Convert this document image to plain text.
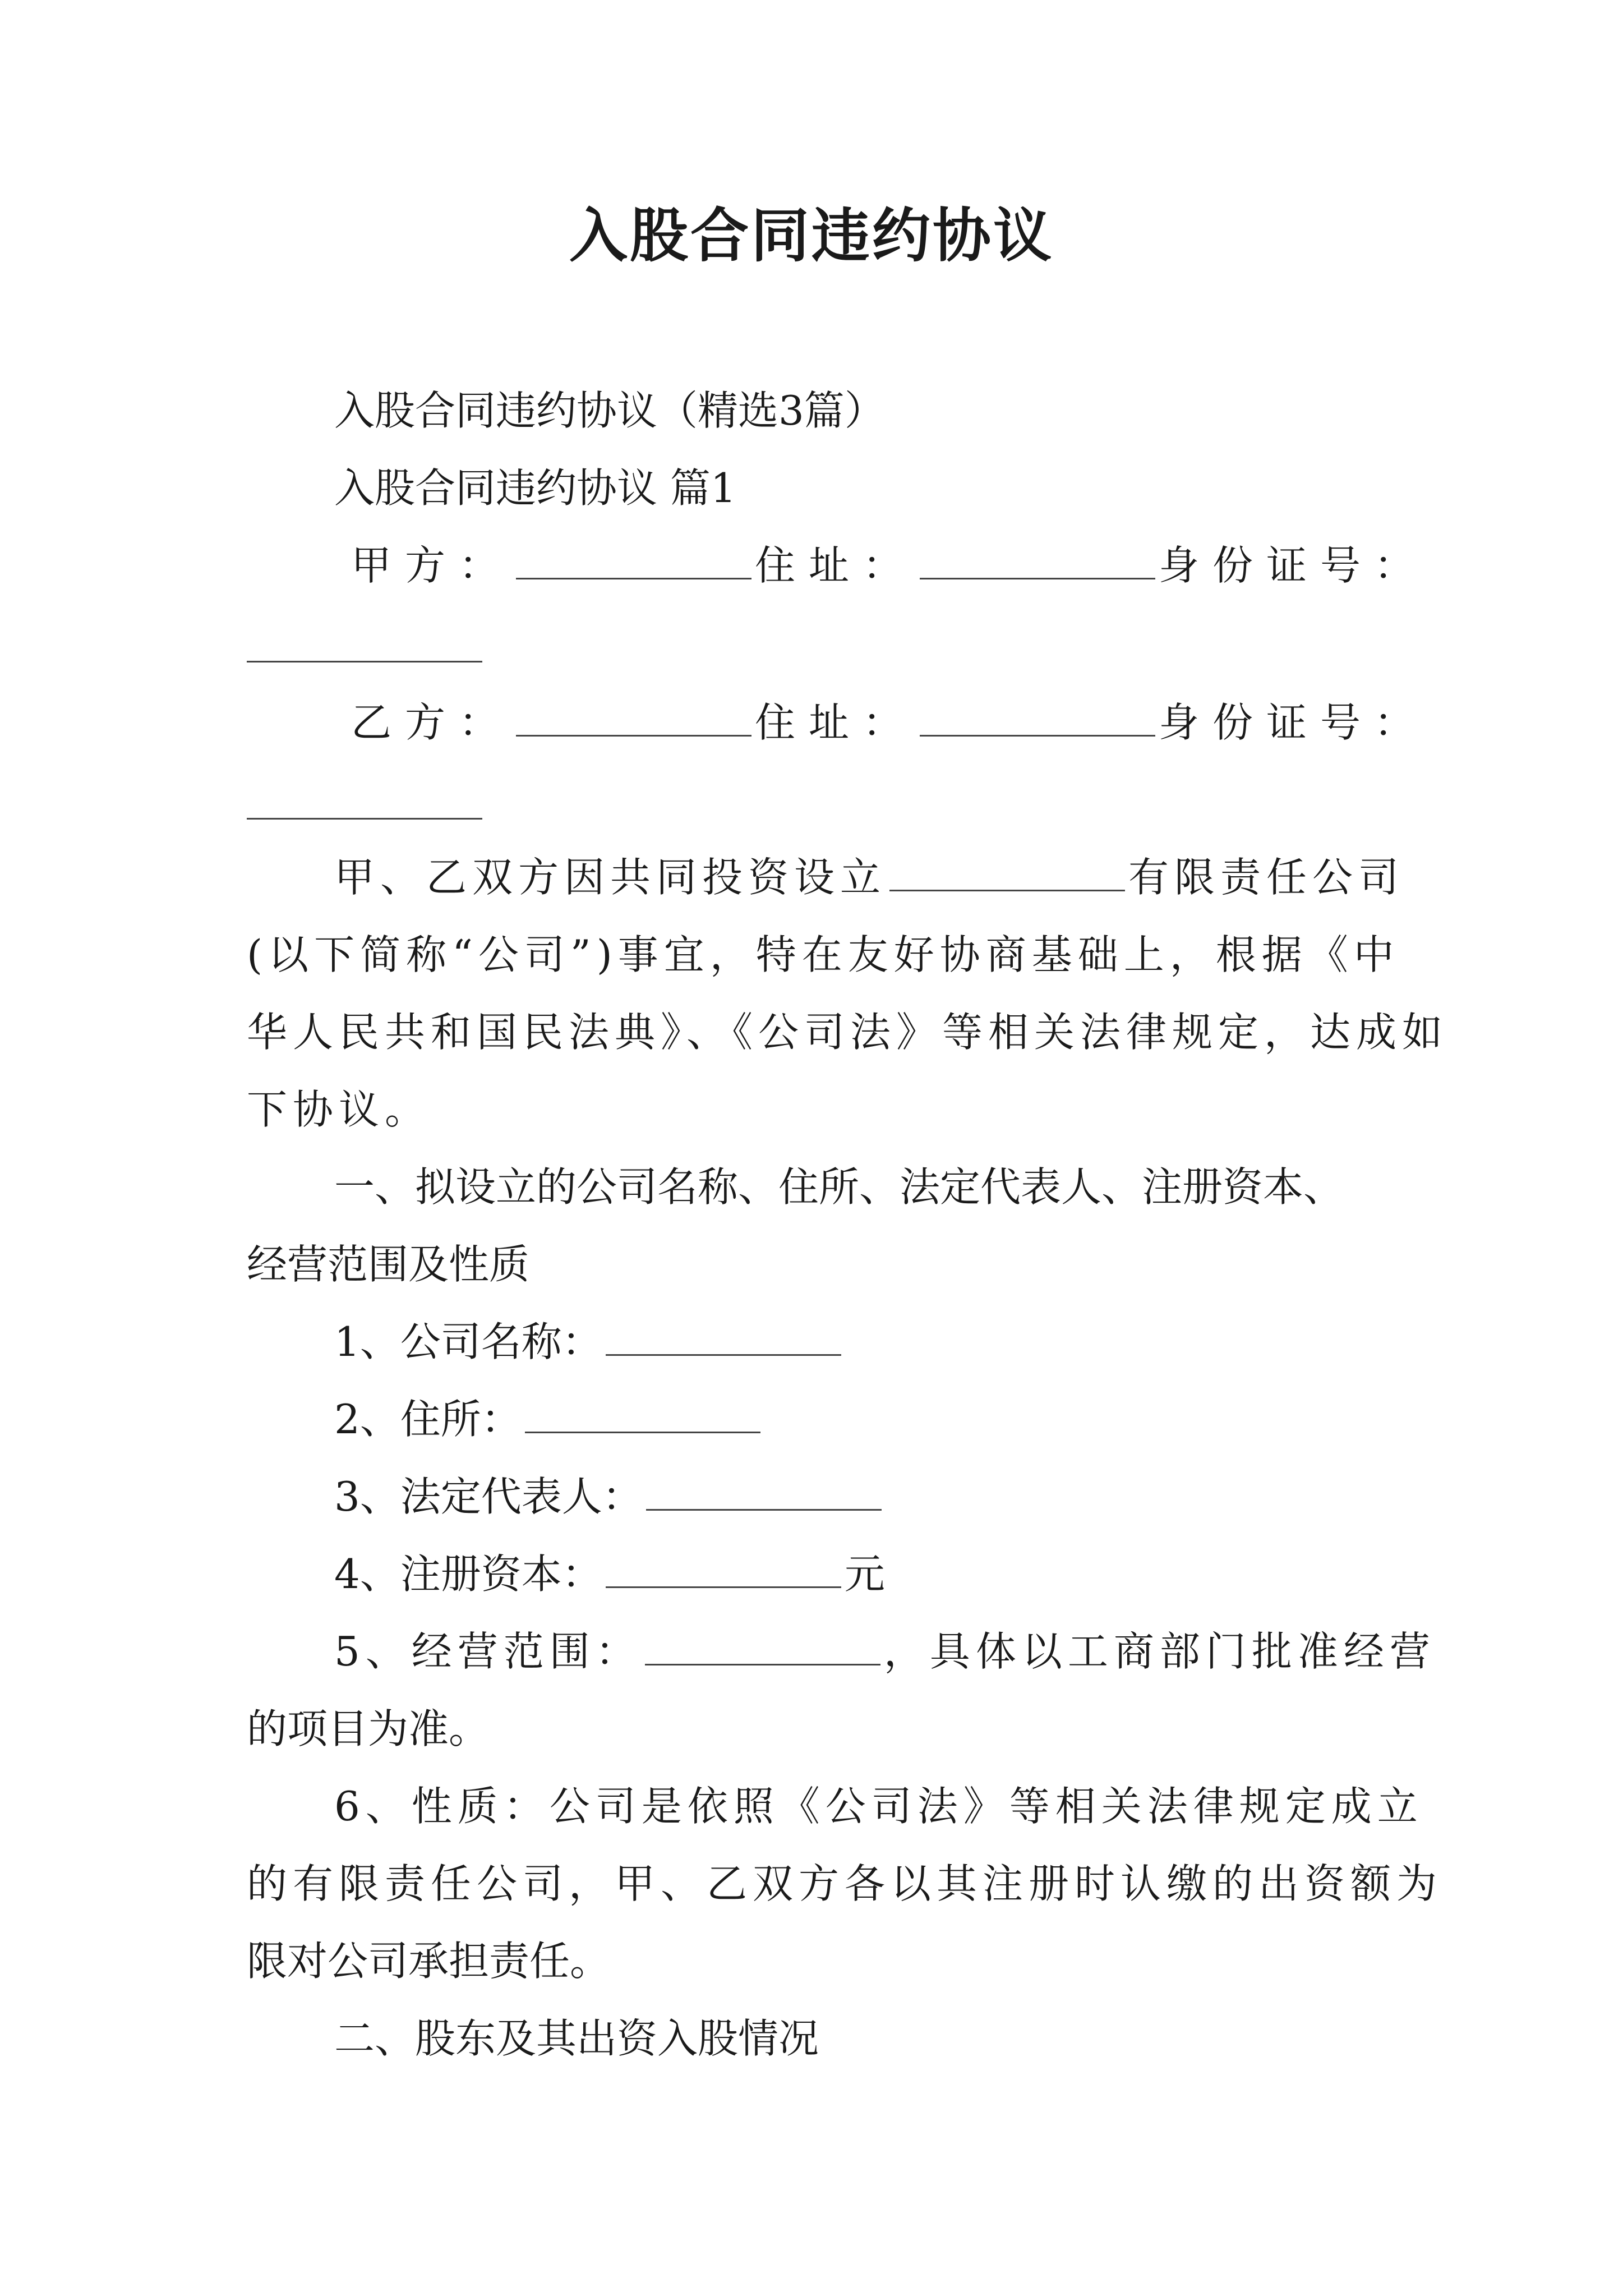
入股合同违约协议
入股合同违约协议（精选3篇）
入股合同违约协议 篇1
甲方：	住址：	身份证号：
乙方：	住址：	身份证号：
甲、乙双方因共同投资设立	有限责任公司
(以下简称“公司”)事宜，特在友好协商基础上，根据《中
华人民共和国民法典》、《公司法》等相关法律规定，达成如
下协议。
一、拟设立的公司名称、住所、法定代表人、注册资本、
经营范围及性质
1、公司名称：
2、住所：
3、法定代表人：
4、注册资本：	元
5、经营范围：	，具体以工商部门批准经营
的项目为准。
6、性质：公司是依照《公司法》等相关法律规定成立
的有限责任公司，甲、乙双方各以其注册时认缴的出资额为
限对公司承担责任。
二、股东及其出资入股情况
